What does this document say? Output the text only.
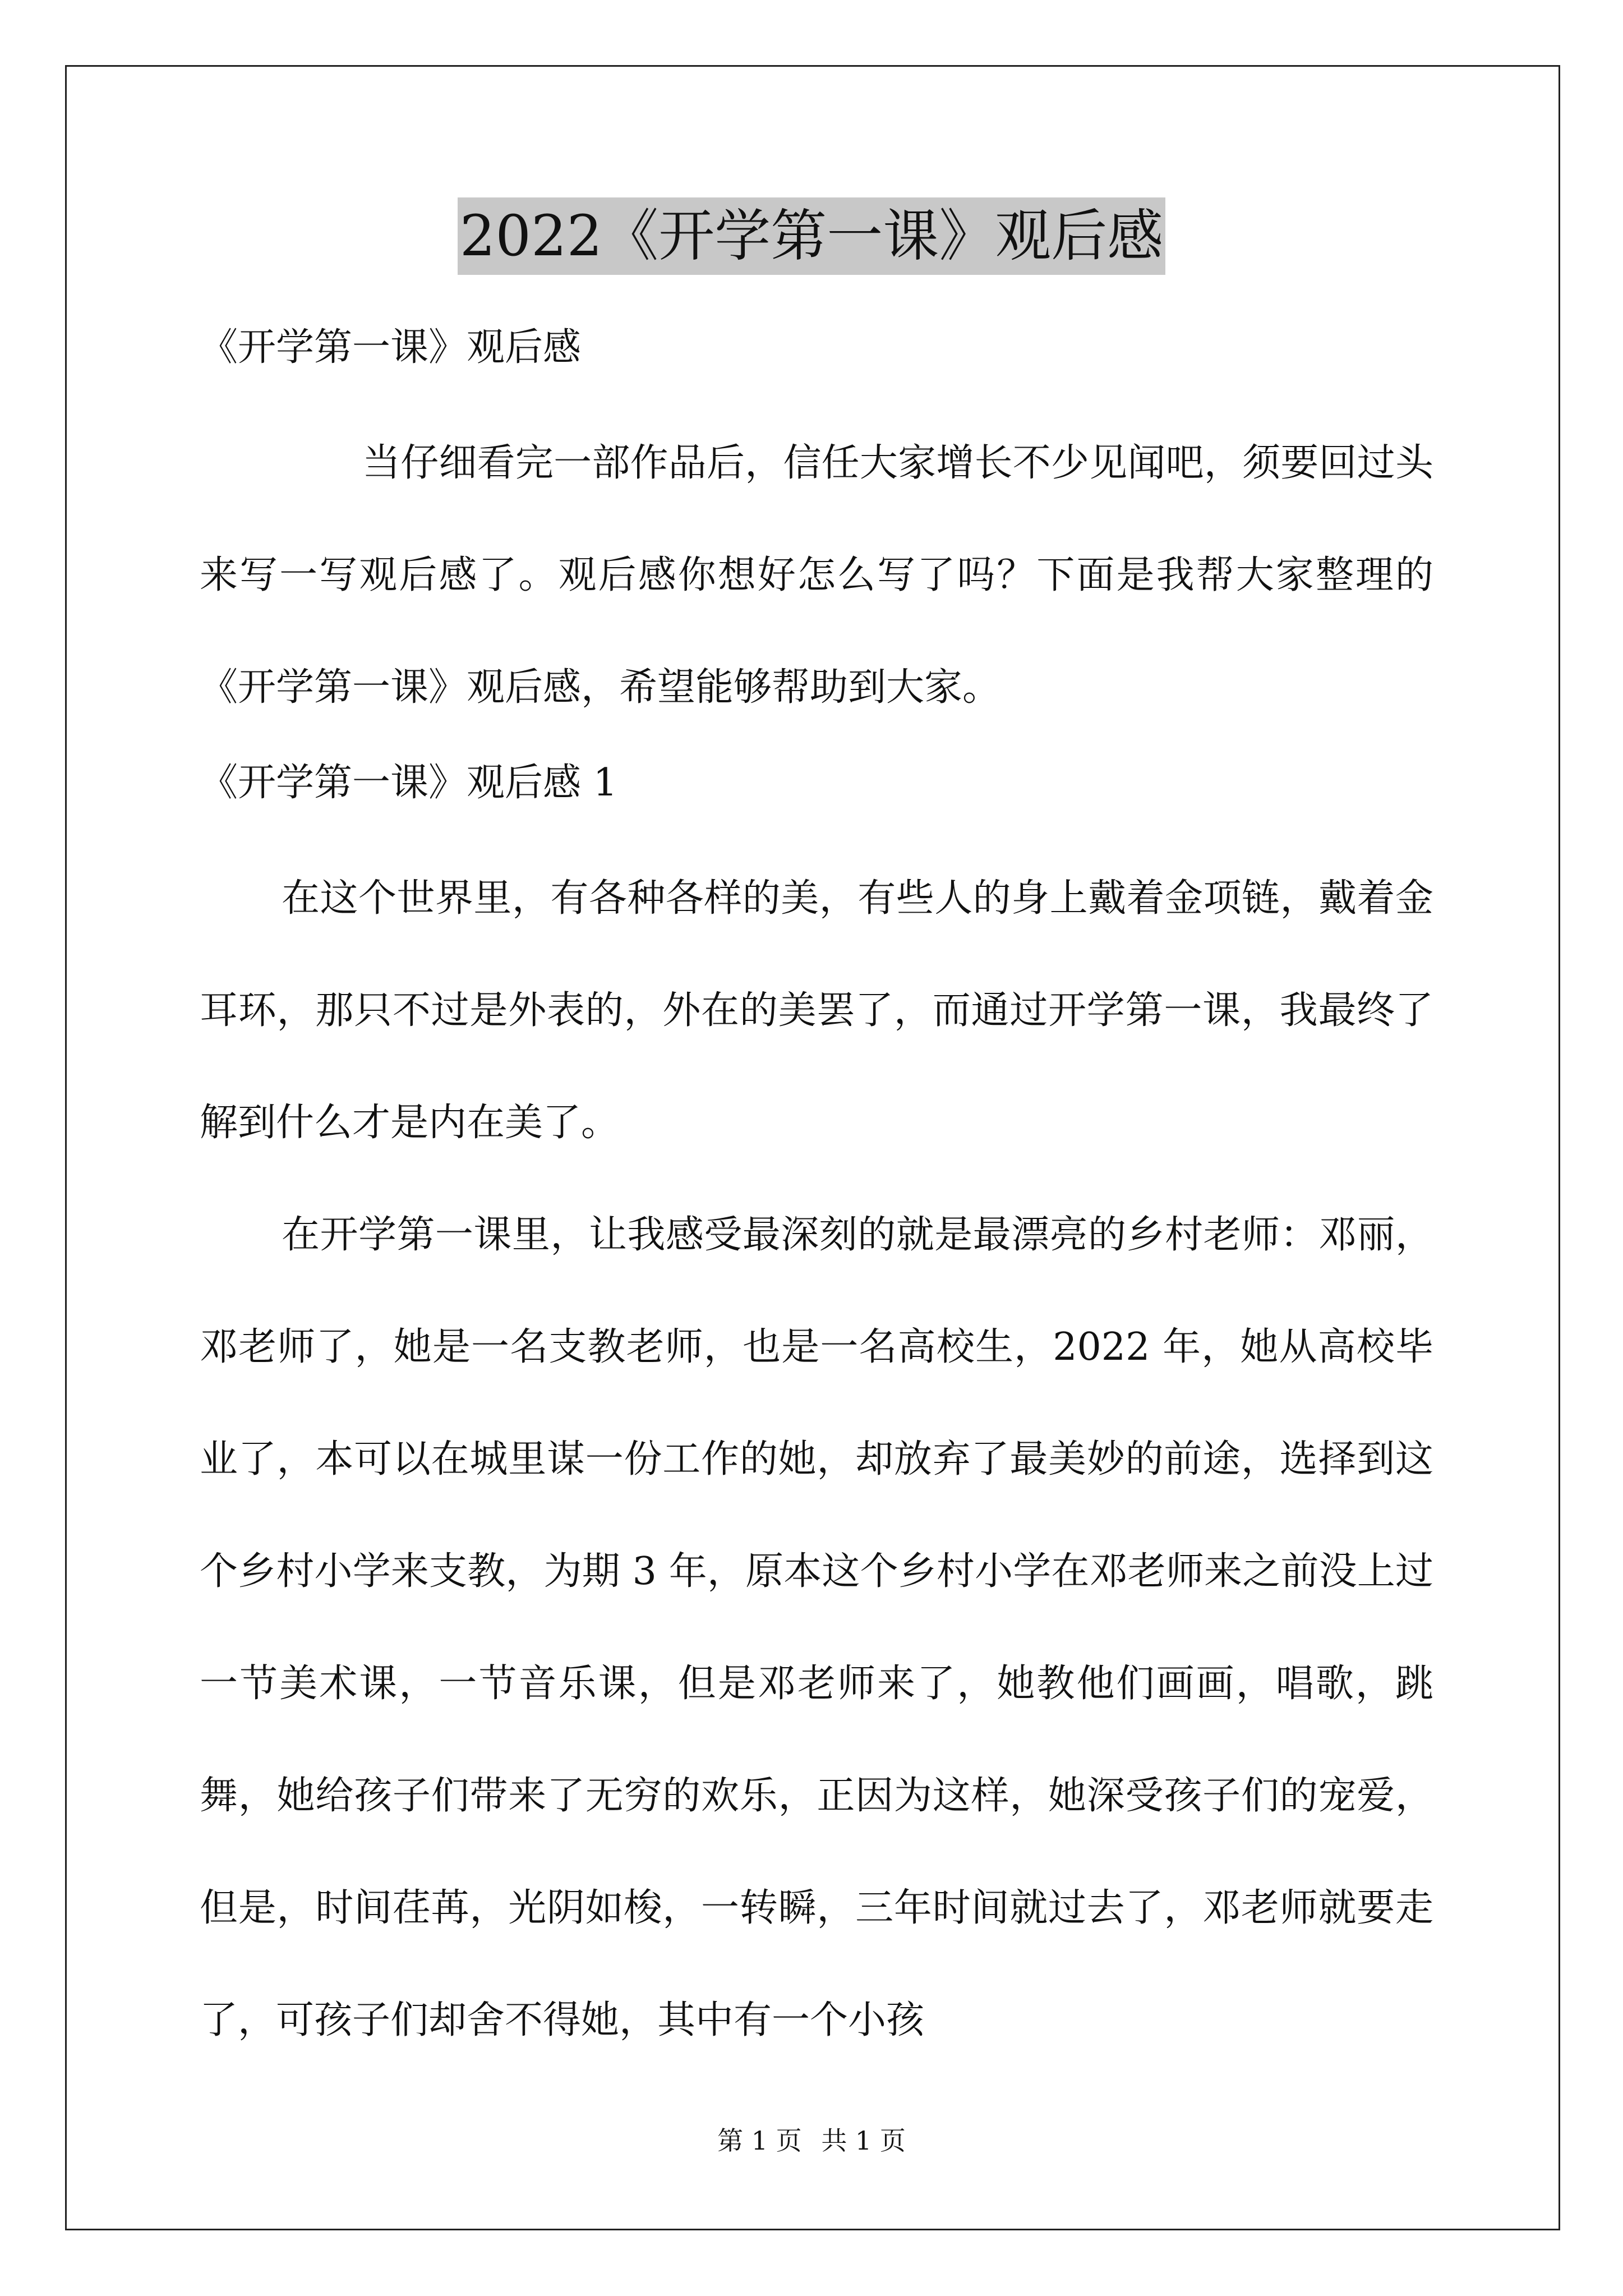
2022《开学第一课》观后感

《开学第一课》观后感

当仔细看完一部作品后，信任大家增长不少见闻吧，须要回过头来写一写观后感了。观后感你想好怎么写了吗？下面是我帮大家整理的《开学第一课》观后感，希望能够帮助到大家。

《开学第一课》观后感 1

在这个世界里，有各种各样的美，有些人的身上戴着金项链，戴着金耳环，那只不过是外表的，外在的美罢了，而通过开学第一课，我最终了解到什么才是内在美了。

在开学第一课里，让我感受最深刻的就是最漂亮的乡村老师：邓丽，邓老师了，她是一名支教老师，也是一名高校生，2022 年，她从高校毕业了，本可以在城里谋一份工作的她，却放弃了最美妙的前途，选择到这个乡村小学来支教，为期 3 年，原本这个乡村小学在邓老师来之前没上过一节美术课，一节音乐课，但是邓老师来了，她教他们画画，唱歌，跳舞，她给孩子们带来了无穷的欢乐，正因为这样，她深受孩子们的宠爱，但是，时间荏苒，光阴如梭，一转瞬，三年时间就过去了，邓老师就要走了，可孩子们却舍不得她，其中有一个小孩

第 1 页 共 1 页
